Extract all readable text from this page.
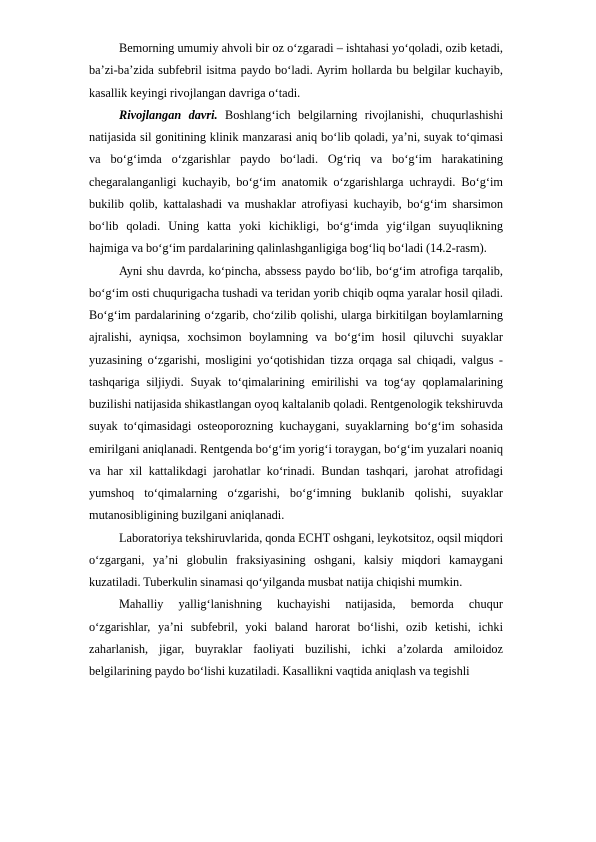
Bemorning umumiy ahvoli bir oz o‘zgaradi – ishtahasi yo‘qoladi, ozib ketadi, ba’zi-ba’zida subfebril isitma paydo bo‘ladi. Ayrim hollarda bu belgilar kuchayib, kasallik keyingi rivojlangan davriga o‘tadi.

Rivojlangan davri. Boshlang‘ich belgilarning rivojlanishi, chuqurlashishi natijasida sil gonitining klinik manzarasi aniq bo‘lib qoladi, ya’ni, suyak to‘qimasi va bo‘g‘imda o‘zgarishlar paydo bo‘ladi. Og‘riq va bo‘g‘im harakatining chegaralanganligi kuchayib, bo‘g‘im anatomik o‘zgarishlarga uchraydi. Bo‘g‘im bukilib qolib, kattalashadi va mushaklar atrofiyasi kuchayib, bo‘g‘im sharsimon bo‘lib qoladi. Uning katta yoki kichikligi, bo‘g‘imda yig‘ilgan suyuqlikning hajmiga va bo‘g‘im pardalarining qalinlashganligiga bog‘liq bo‘ladi (14.2-rasm).

Ayni shu davrda, ko‘pincha, abssess paydo bo‘lib, bo‘g‘im atrofiga tarqalib, bo‘g‘im osti chuqurigacha tushadi va teridan yorib chiqib oqma yaralar hosil qiladi. Bo‘g‘im pardalarining o‘zgarib, cho‘zilib qolishi, ularga birkitilgan boylamlarning ajralishi, ayniqsa, xochsimon boylamning va bo‘g‘im hosil qiluvchi suyaklar yuzasining o‘zgarishi, mosligini yo‘qotishidan tizza orqaga sal chiqadi, valgus - tashqariga siljiydi. Suyak to‘qimalarining emirilishi va tog‘ay qoplamalarining buzilishi natijasida shikastlangan oyoq kaltalanib qoladi. Rentgenologik tekshiruvda suyak to‘qimasidagi osteoporozning kuchaygani, suyaklarning bo‘g‘im sohasida emirilgani aniqlanadi. Rentgenda bo‘g‘im yorig‘i toraygan, bo‘g‘im yuzalari noaniq va har xil kattalikdagi jarohatlar ko‘rinadi. Bundan tashqari, jarohat atrofidagi yumshoq to‘qimalarning o‘zgarishi, bo‘g‘imning buklanib qolishi, suyaklar mutanosibligining buzilgani aniqlanadi.

Laboratoriya tekshiruvlarida, qonda ECHT oshgani, leykotsitoz, oqsil miqdori o‘zgargani, ya’ni globulin fraksiyasining oshgani, kalsiy miqdori kamaygani kuzatiladi. Tuberkulin sinamasi qo‘yilganda musbat natija chiqishi mumkin.

Mahalliy yallig‘lanishning kuchayishi natijasida, bemorda chuqur o‘zgarishlar, ya’ni subfebril, yoki baland harorat bo‘lishi, ozib ketishi, ichki zaharlanish, jigar, buyraklar faoliyati buzilishi, ichki a’zolarda amiloidoz belgilarining paydo bo‘lishi kuzatiladi. Kasallikni vaqtida aniqlash va tegishli
